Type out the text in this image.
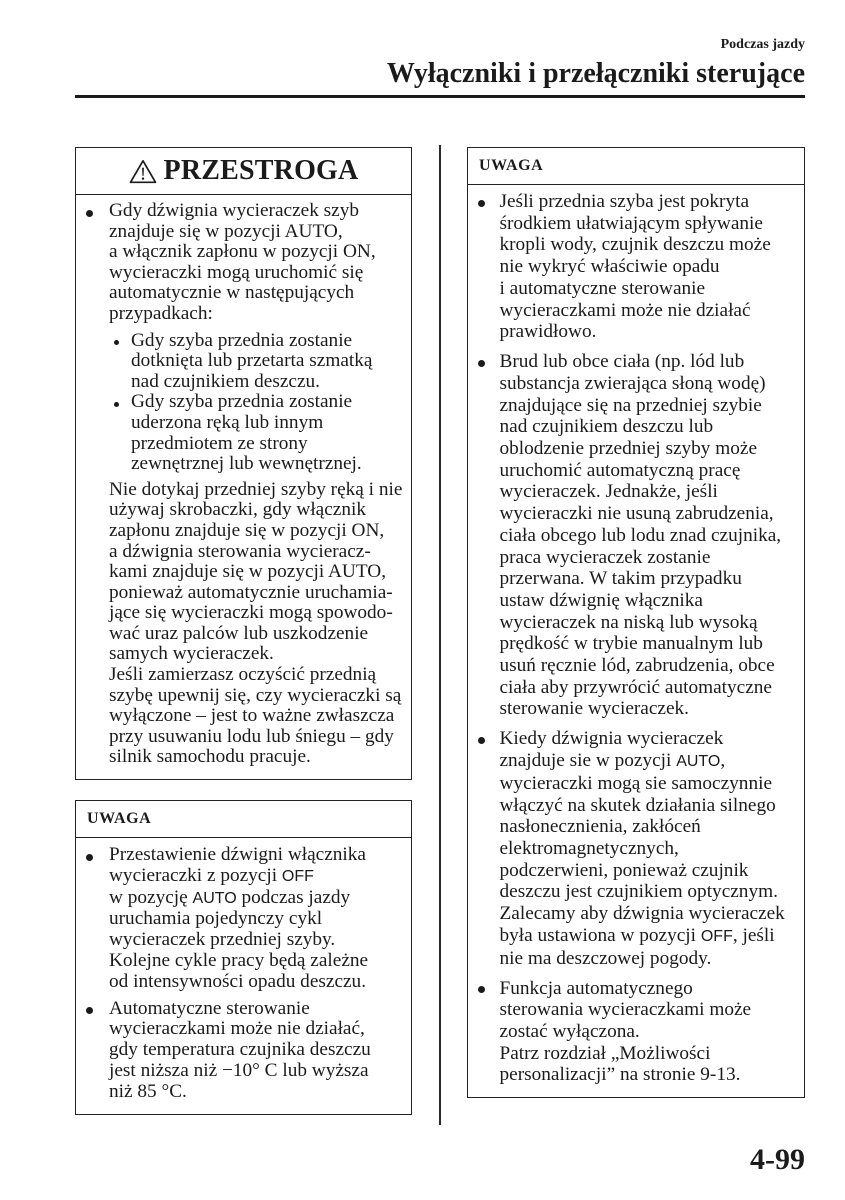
Podczas jazdy
Wyłączniki i przełączniki sterujące
PRZESTROGA
Gdy dźwignia wycieraczek szyb
znajduje się w pozycji AUTO,
a włącznik zapłonu w pozycji ON,
wycieraczki mogą uruchomić się
automatycznie w następujących
przypadkach:
Gdy szyba przednia zostanie
dotknięta lub przetarta szmatką
nad czujnikiem deszczu.
Gdy szyba przednia zostanie
uderzona ręką lub innym
przedmiotem ze strony
zewnętrznej lub wewnętrznej.
Nie dotykaj przedniej szyby ręką i nie
używaj skrobaczki, gdy włącznik
zapłonu znajduje się w pozycji ON,
a dźwignia sterowania wycieracz-
kami znajduje się w pozycji AUTO,
ponieważ automatycznie uruchamia-
jące się wycieraczki mogą spowodo-
wać uraz palców lub uszkodzenie
samych wycieraczek.
Jeśli zamierzasz oczyścić przednią
szybę upewnij się, czy wycieraczki są
wyłączone – jest to ważne zwłaszcza
przy usuwaniu lodu lub śniegu – gdy
silnik samochodu pracuje.
UWAGA
Przestawienie dźwigni włącznika
wycieraczki z pozycji OFF
w pozycję AUTO podczas jazdy
uruchamia pojedynczy cykl
wycieraczek przedniej szyby.
Kolejne cykle pracy będą zależne
od intensywności opadu deszczu.
Automatyczne sterowanie
wycieraczkami może nie działać,
gdy temperatura czujnika deszczu
jest niższa niż −10° C lub wyższa
niż 85 °C.
UWAGA
Jeśli przednia szyba jest pokryta
środkiem ułatwiającym spływanie
kropli wody, czujnik deszczu może
nie wykryć właściwie opadu
i automatyczne sterowanie
wycieraczkami może nie działać
prawidłowo.
Brud lub obce ciała (np. lód lub
substancja zwierająca słoną wodę)
znajdujące się na przedniej szybie
nad czujnikiem deszczu lub
oblodzenie przedniej szyby może
uruchomić automatyczną pracę
wycieraczek. Jednakże, jeśli
wycieraczki nie usuną zabrudzenia,
ciała obcego lub lodu znad czujnika,
praca wycieraczek zostanie
przerwana. W takim przypadku
ustaw dźwignię włącznika
wycieraczek na niską lub wysoką
prędkość w trybie manualnym lub
usuń ręcznie lód, zabrudzenia, obce
ciała aby przywrócić automatyczne
sterowanie wycieraczek.
Kiedy dźwignia wycieraczek
znajduje sie w pozycji AUTO,
wycieraczki mogą sie samoczynnie
włączyć na skutek działania silnego
nasłonecznienia, zakłóceń
elektromagnetycznych,
podczerwieni, ponieważ czujnik
deszczu jest czujnikiem optycznym.
Zalecamy aby dźwignia wycieraczek
była ustawiona w pozycji OFF, jeśli
nie ma deszczowej pogody.
Funkcja automatycznego
sterowania wycieraczkami może
zostać wyłączona.
Patrz rozdział „Możliwości
personalizacji” na stronie 9-13.
4-99
